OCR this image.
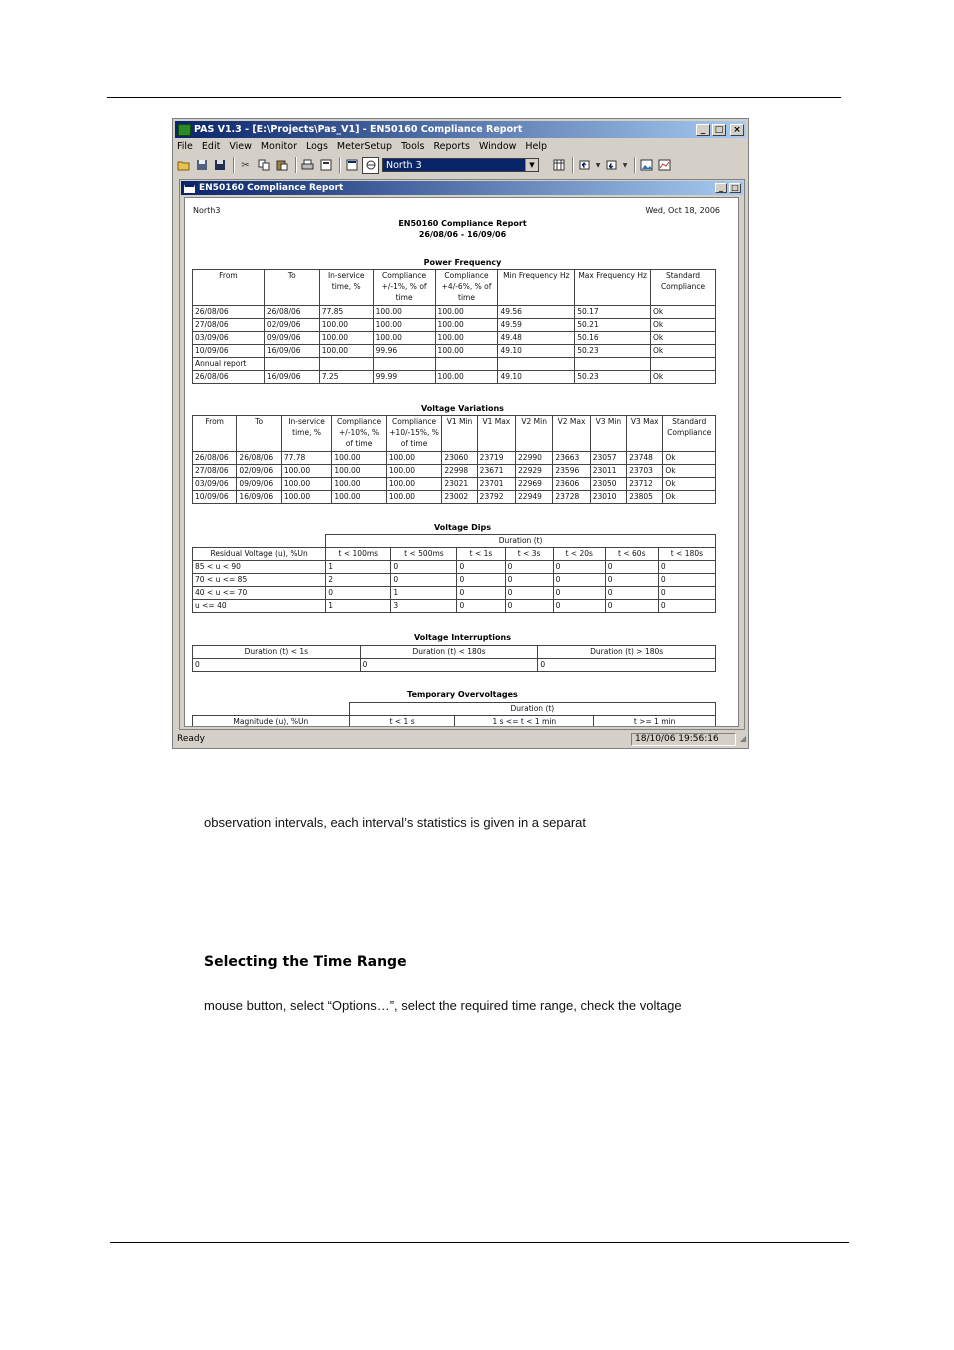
PAS V1.3 - [E:\Projects\Pas_V1] - EN50160 Compliance Report	_	□	×
File Edit View Monitor Logs MeterSetup Tools Reports Window Help
✂	North 3	▼	▼	▼
EN50160 Compliance Report	_	□
North3	Wed, Oct 18, 2006
EN50160 Compliance Report
26/08/06 - 16/09/06
Power Frequency
From	To	In-service time, %	Compliance +/-1%, % of time	Compliance +4/-6%, % of time	Min Frequency Hz	Max Frequency Hz	Standard Compliance
26/08/06	26/08/06	77.85	100.00	100.00	49.56	50.17	Ok
27/08/06	02/09/06	100.00	100.00	100.00	49.59	50.21	Ok
03/09/06	09/09/06	100.00	100.00	100.00	49.48	50.16	Ok
10/09/06	16/09/06	100.00	99.96	100.00	49.10	50.23	Ok
Annual report							
26/08/06	16/09/06	7.25	99.99	100.00	49.10	50.23	Ok
Voltage Variations
From	To	In-service time, %	Compliance +/-10%, % of time	Compliance +10/-15%, % of time	V1 Min	V1 Max	V2 Min	V2 Max	V3 Min	V3 Max	Standard Compliance
26/08/06	26/08/06	77.78	100.00	100.00	23060	23719	22990	23663	23057	23748	Ok
27/08/06	02/09/06	100.00	100.00	100.00	22998	23671	22929	23596	23011	23703	Ok
03/09/06	09/09/06	100.00	100.00	100.00	23021	23701	22969	23606	23050	23712	Ok
10/09/06	16/09/06	100.00	100.00	100.00	23002	23792	22949	23728	23010	23805	Ok
Voltage Dips
	Duration (t)						
Residual Voltage (u), %Un	t < 100ms	t < 500ms	t < 1s	t < 3s	t < 20s	t < 60s	t < 180s
85 < u < 90	1	0	0	0	0	0	0
70 < u <= 85	2	0	0	0	0	0	0
40 < u <= 70	0	1	0	0	0	0	0
u <= 40	1	3	0	0	0	0	0
Voltage Interruptions
Duration (t) < 1s	Duration (t) < 180s	Duration (t) > 180s
0	0	0
Temporary Overvoltages
	Duration (t)		
Magnitude (u), %Un	t < 1 s	1 s <= t < 1 min	t >= 1 min
Ready	18/10/06 19:56:16	◢
observation intervals, each interval’s statistics is given in a separat
Selecting the Time Range
mouse button, select “Options…”, select the required time range, check the voltage
